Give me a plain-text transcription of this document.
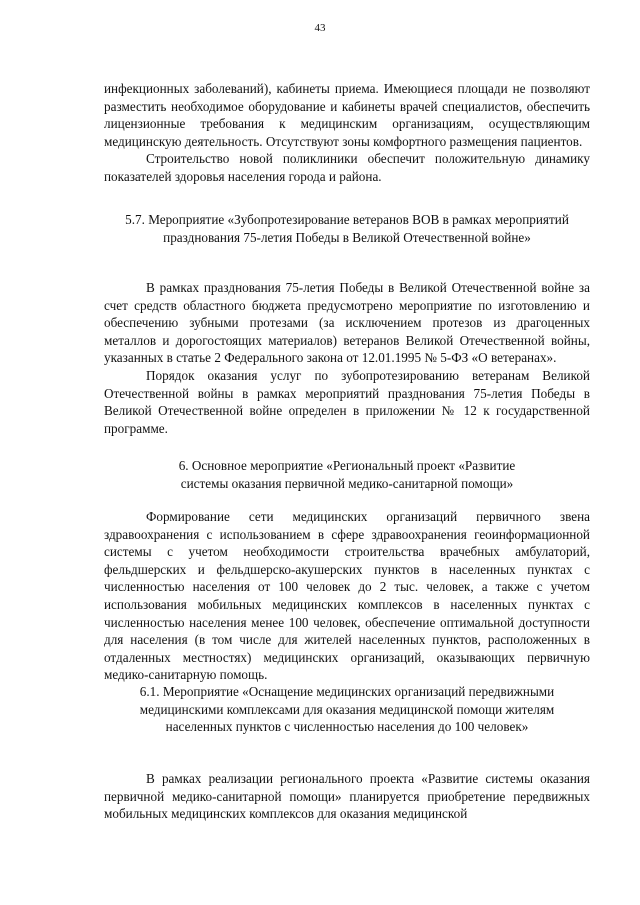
43

инфекционных заболеваний), кабинеты приема. Имеющиеся площади не позволяют разместить необходимое оборудование и кабинеты врачей специалистов, обеспечить лицензионные требования к медицинским организациям, осуществляющим медицинскую деятельность. Отсутствуют зоны комфортного размещения пациентов.

Строительство новой поликлиники обеспечит положительную динамику показателей здоровья населения города и района.

5.7. Мероприятие «Зубопротезирование ветеранов ВОВ в рамках мероприятий празднования 75-летия Победы в Великой Отечественной войне»

В рамках празднования 75-летия Победы в Великой Отечественной войне за счет средств областного бюджета предусмотрено мероприятие по изготовлению и обеспечению зубными протезами (за исключением протезов из драгоценных металлов и дорогостоящих материалов) ветеранов Великой Отечественной войны, указанных в статье 2 Федерального закона от 12.01.1995 № 5-ФЗ «О ветеранах».

Порядок оказания услуг по зубопротезированию ветеранам Великой Отечественной войны в рамках мероприятий празднования 75-летия Победы в Великой Отечественной войне определен в приложении № 12 к государственной программе.

6. Основное мероприятие «Региональный проект «Развитие системы оказания первичной медико-санитарной помощи»

Формирование сети медицинских организаций первичного звена здравоохранения с использованием в сфере здравоохранения геоинформационной системы с учетом необходимости строительства врачебных амбулаторий, фельдшерских и фельдшерско-акушерских пунктов в населенных пунктах с численностью населения от 100 человек до 2 тыс. человек, а также с учетом использования мобильных медицинских комплексов в населенных пунктах с численностью населения менее 100 человек, обеспечение оптимальной доступности для населения (в том числе для жителей населенных пунктов, расположенных в отдаленных местностях) медицинских организаций, оказывающих первичную медико-санитарную помощь.

6.1. Мероприятие «Оснащение медицинских организаций передвижными медицинскими комплексами для оказания медицинской помощи жителям населенных пунктов с численностью населения до 100 человек»

В рамках реализации регионального проекта «Развитие системы оказания первичной медико-санитарной помощи» планируется приобретение передвижных мобильных медицинских комплексов для оказания медицинской
